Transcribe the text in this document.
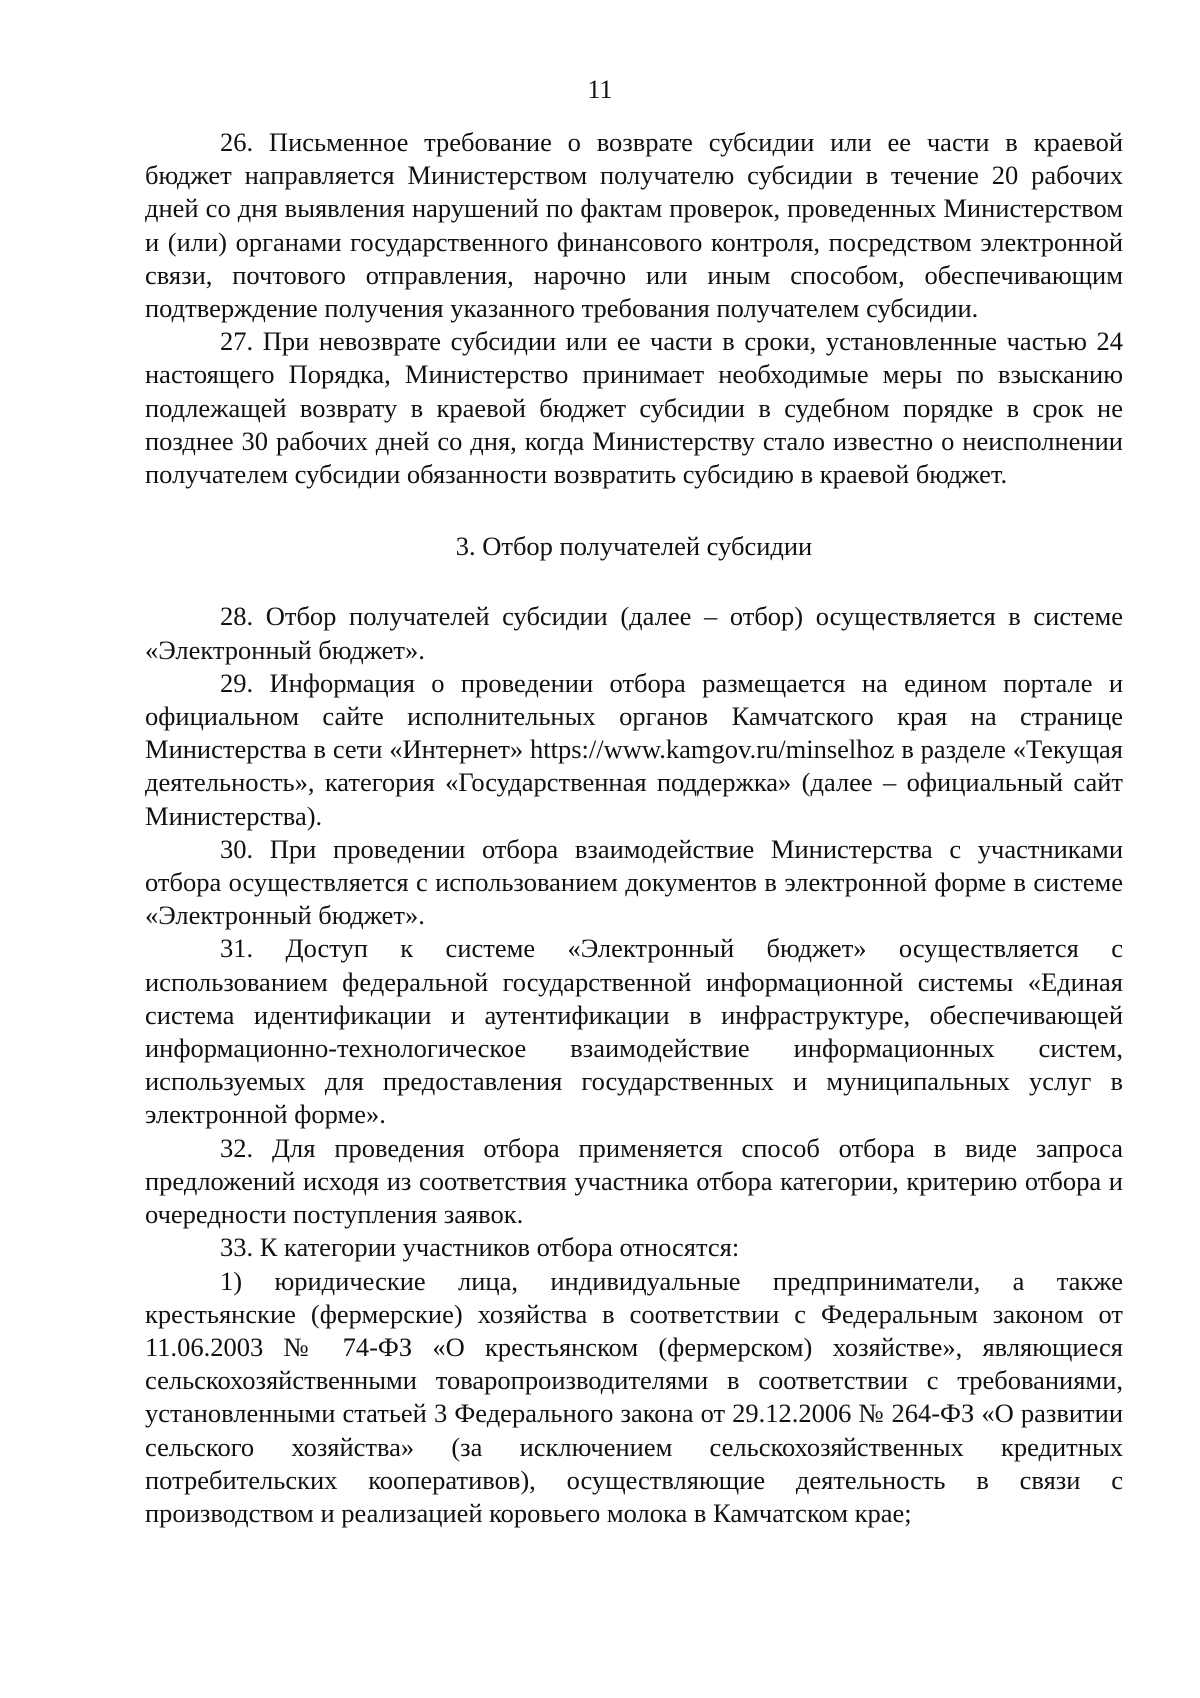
11

26. Письменное требование о возврате субсидии или ее части в краевой бюджет направляется Министерством получателю субсидии в течение 20 рабочих дней со дня выявления нарушений по фактам проверок, проведенных Министерством и (или) органами государственного финансового контроля, посредством электронной связи, почтового отправления, нарочно или иным способом, обеспечивающим подтверждение получения указанного требования получателем субсидии.

27. При невозврате субсидии или ее части в сроки, установленные частью 24 настоящего Порядка, Министерство принимает необходимые меры по взысканию подлежащей возврату в краевой бюджет субсидии в судебном порядке в срок не позднее 30 рабочих дней со дня, когда Министерству стало известно о неисполнении получателем субсидии обязанности возвратить субсидию в краевой бюджет.

3. Отбор получателей субсидии

28. Отбор получателей субсидии (далее – отбор) осуществляется в системе «Электронный бюджет».

29. Информация о проведении отбора размещается на едином портале и официальном сайте исполнительных органов Камчатского края на странице Министерства в сети «Интернет» https://www.kamgov.ru/minselhoz в разделе «Текущая деятельность», категория «Государственная поддержка» (далее – официальный сайт Министерства).

30. При проведении отбора взаимодействие Министерства с участниками отбора осуществляется с использованием документов в электронной форме в системе «Электронный бюджет».

31. Доступ к системе «Электронный бюджет» осуществляется с использованием федеральной государственной информационной системы «Единая система идентификации и аутентификации в инфраструктуре, обеспечивающей информационно-технологическое взаимодействие информационных систем, используемых для предоставления государственных и муниципальных услуг в электронной форме».

32. Для проведения отбора применяется способ отбора в виде запроса предложений исходя из соответствия участника отбора категории, критерию отбора и очередности поступления заявок.

33. К категории участников отбора относятся:

1) юридические лица, индивидуальные предприниматели, а также крестьянские (фермерские) хозяйства в соответствии с Федеральным законом от 11.06.2003 № 74-ФЗ «О крестьянском (фермерском) хозяйстве», являющиеся сельскохозяйственными товаропроизводителями в соответствии с требованиями, установленными статьей 3 Федерального закона от 29.12.2006 № 264-ФЗ «О развитии сельского хозяйства» (за исключением сельскохозяйственных кредитных потребительских кооперативов), осуществляющие деятельность в связи с производством и реализацией коровьего молока в Камчатском крае;
